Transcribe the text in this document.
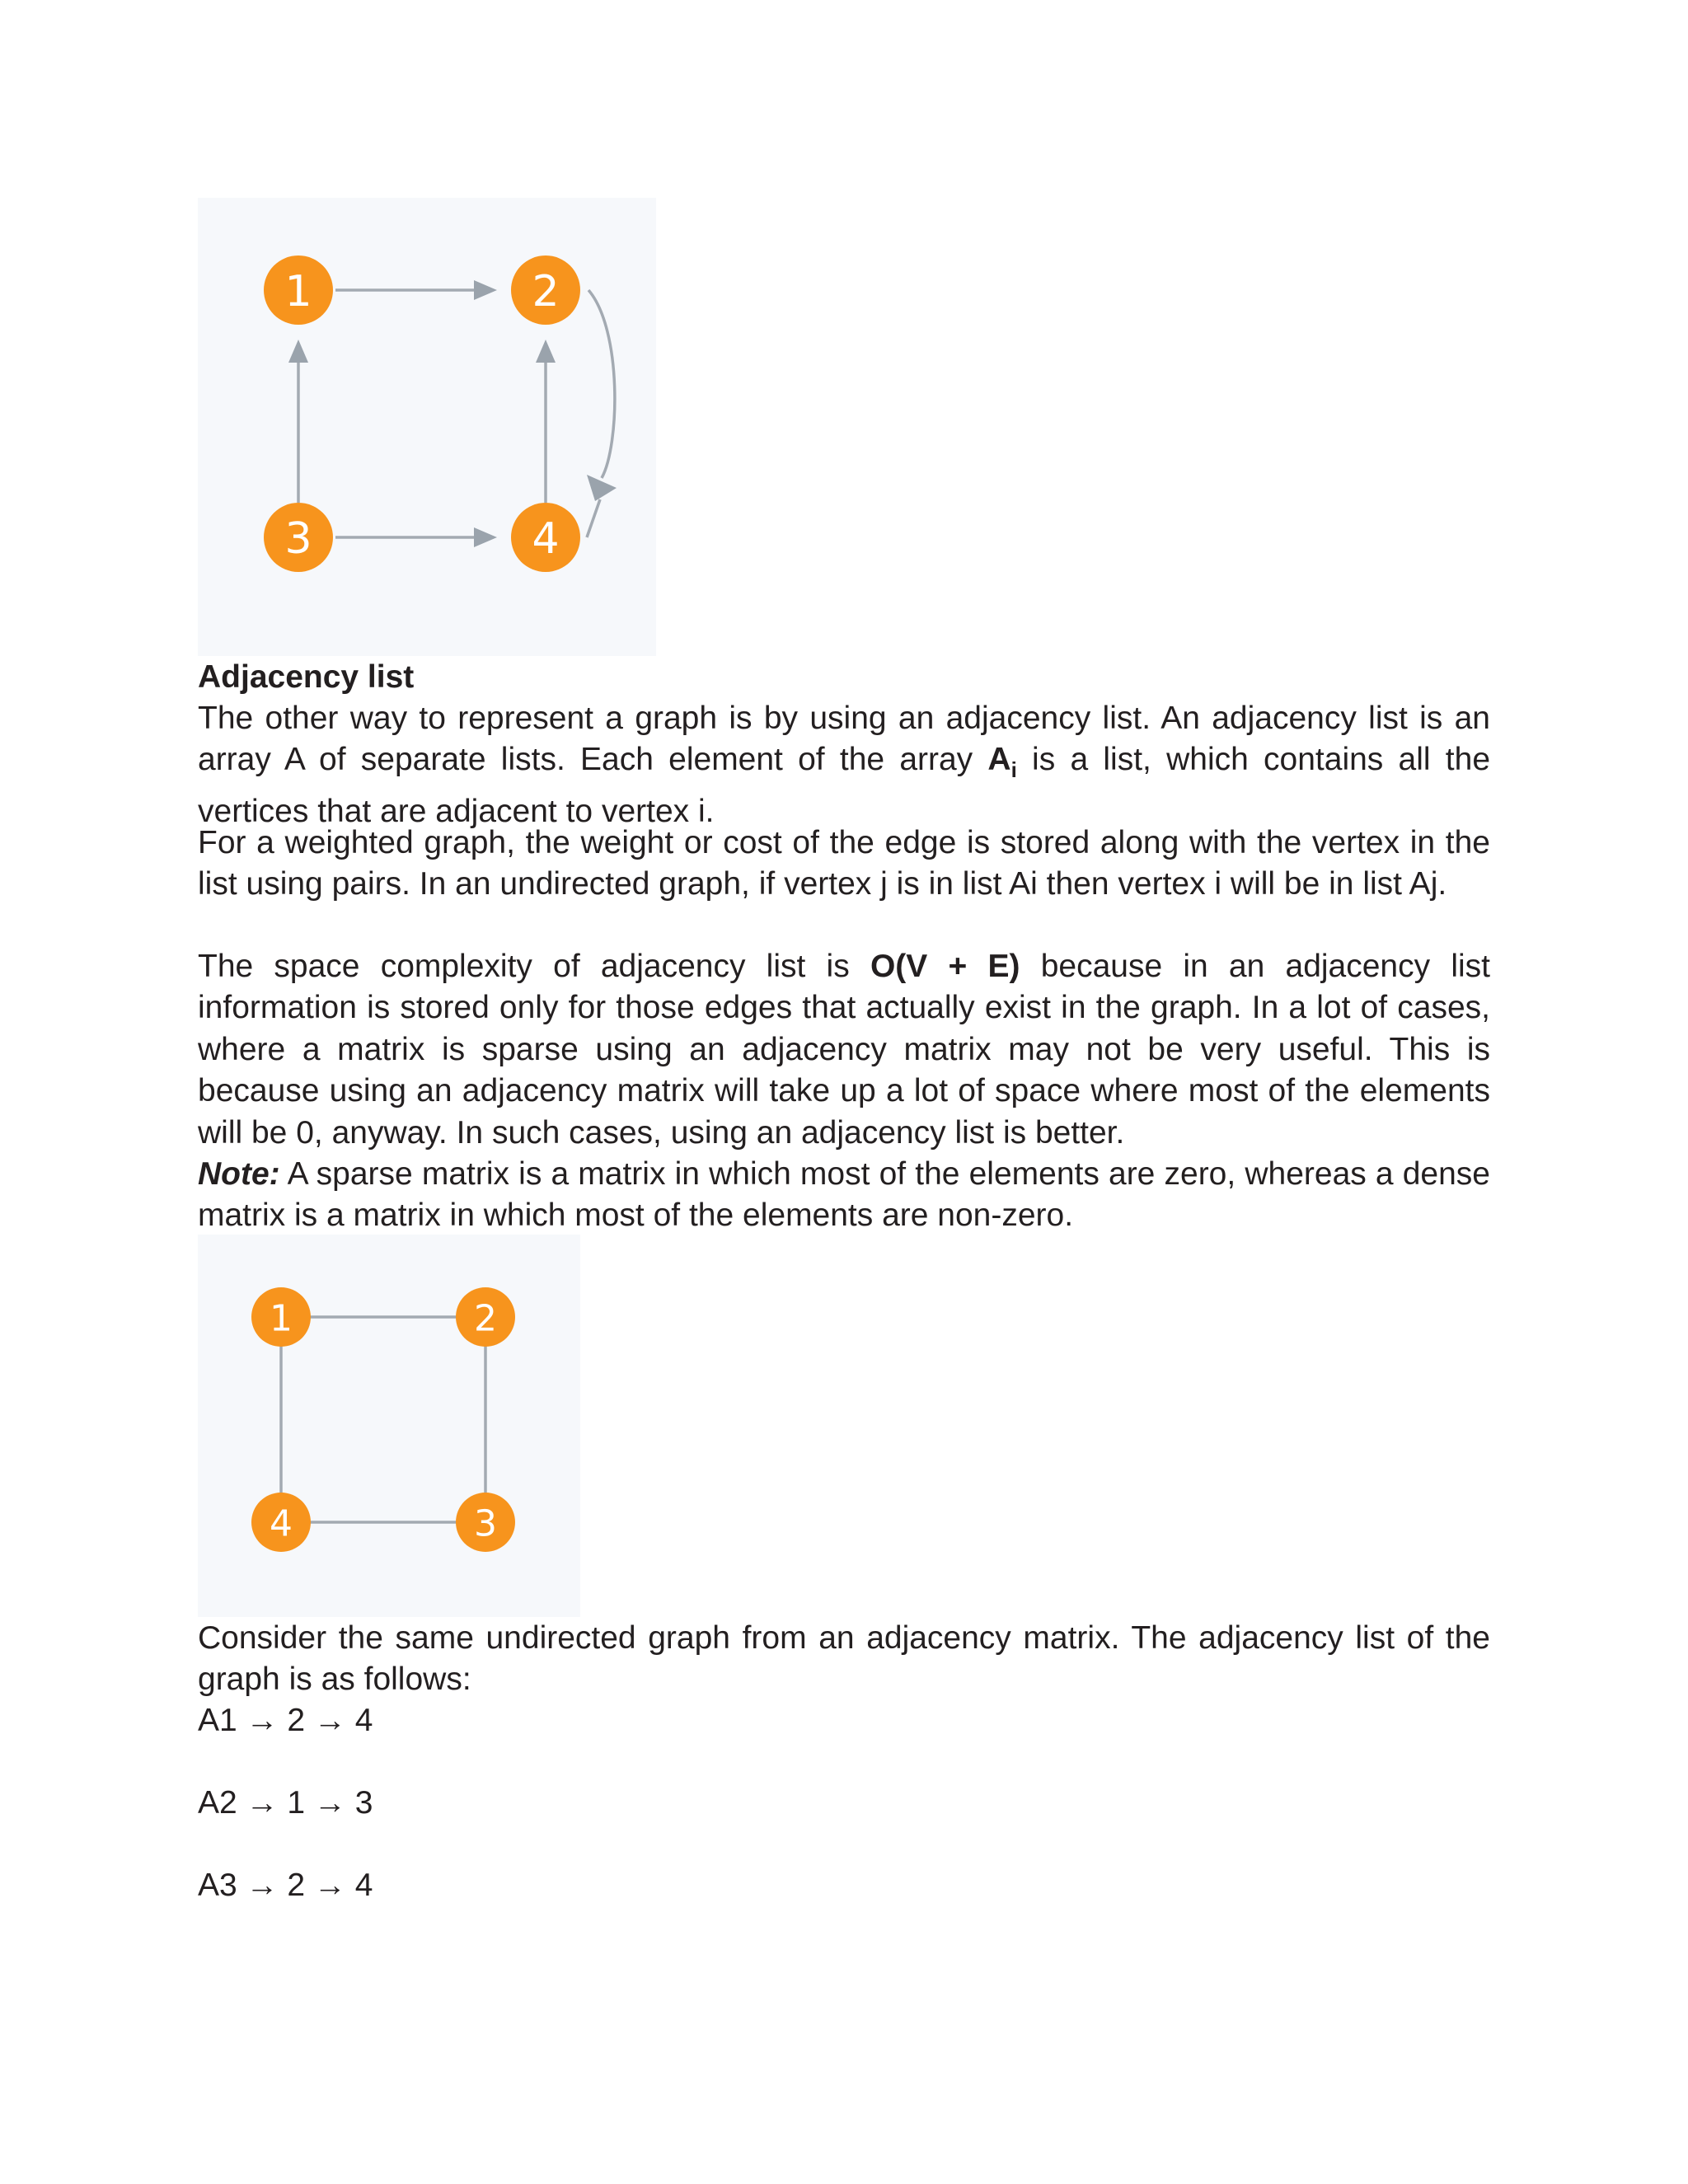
1	2
3	4
Adjacency list
The other way to represent a graph is by using an adjacency list. An adjacency list is an array A of separate lists. Each element of the array $A_i$ is a list, which contains all the vertices that are adjacent to vertex i.
For a weighted graph, the weight or cost of the edge is stored along with the vertex in the list using pairs. In an undirected graph, if vertex j is in list Ai then vertex i will be in list Aj.
The space complexity of adjacency list is O(V + E) because in an adjacency list information is stored only for those edges that actually exist in the graph. In a lot of cases, where a matrix is sparse using an adjacency matrix may not be very useful. This is because using an adjacency matrix will take up a lot of space where most of the elements will be 0, anyway. In such cases, using an adjacency list is better.
Note: A sparse matrix is a matrix in which most of the elements are zero, whereas a dense matrix is a matrix in which most of the elements are non-zero.
1	2
3
4
Consider the same undirected graph from an adjacency matrix. The adjacency list of the graph is as follows:
A1 → 2 → 4
A2 → 1 → 3
A3 → 2 → 4
